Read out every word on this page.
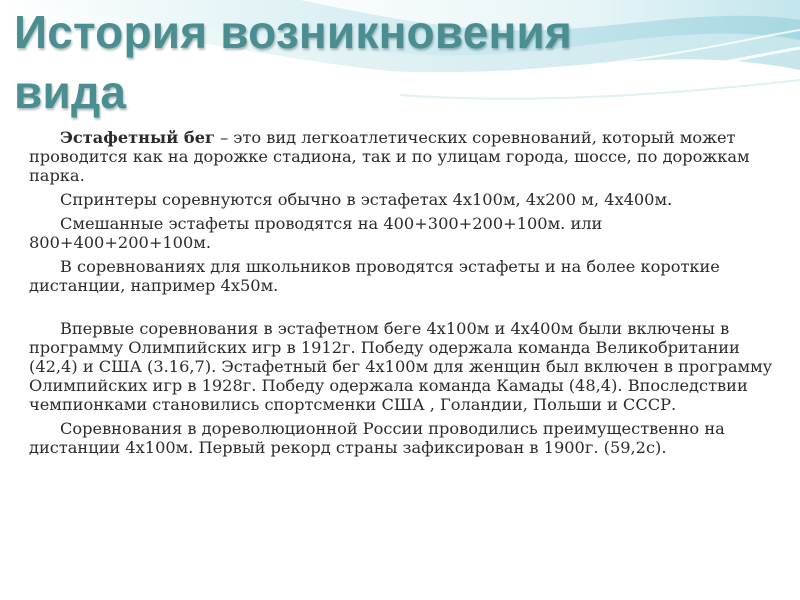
История возникновения
вида

Эстафетный бег – это вид легкоатлетических соревнований, который может проводится как на дорожке стадиона, так и по улицам города, шоссе, по дорожкам парка.

Спринтеры соревнуются обычно в эстафетах 4х100м, 4х200 м, 4х400м.

Смешанные эстафеты проводятся на 400+300+200+100м. или 800+400+200+100м.

В соревнованиях для школьников проводятся эстафеты и на более короткие дистанции, например 4х50м.

Впервые соревнования в эстафетном беге 4х100м и 4х400м были включены в программу Олимпийских игр в 1912г. Победу одержала команда Великобритании (42,4) и США (3.16,7). Эстафетный бег 4х100м для женщин был включен в программу Олимпийских игр в 1928г. Победу одержала команда Камады (48,4). Впоследствии чемпионками становились спортсменки США , Голандии, Польши и СССР.

Соревнования в дореволюционной России проводились преимущественно на дистанции 4х100м. Первый рекорд страны зафиксирован в 1900г. (59,2с).
